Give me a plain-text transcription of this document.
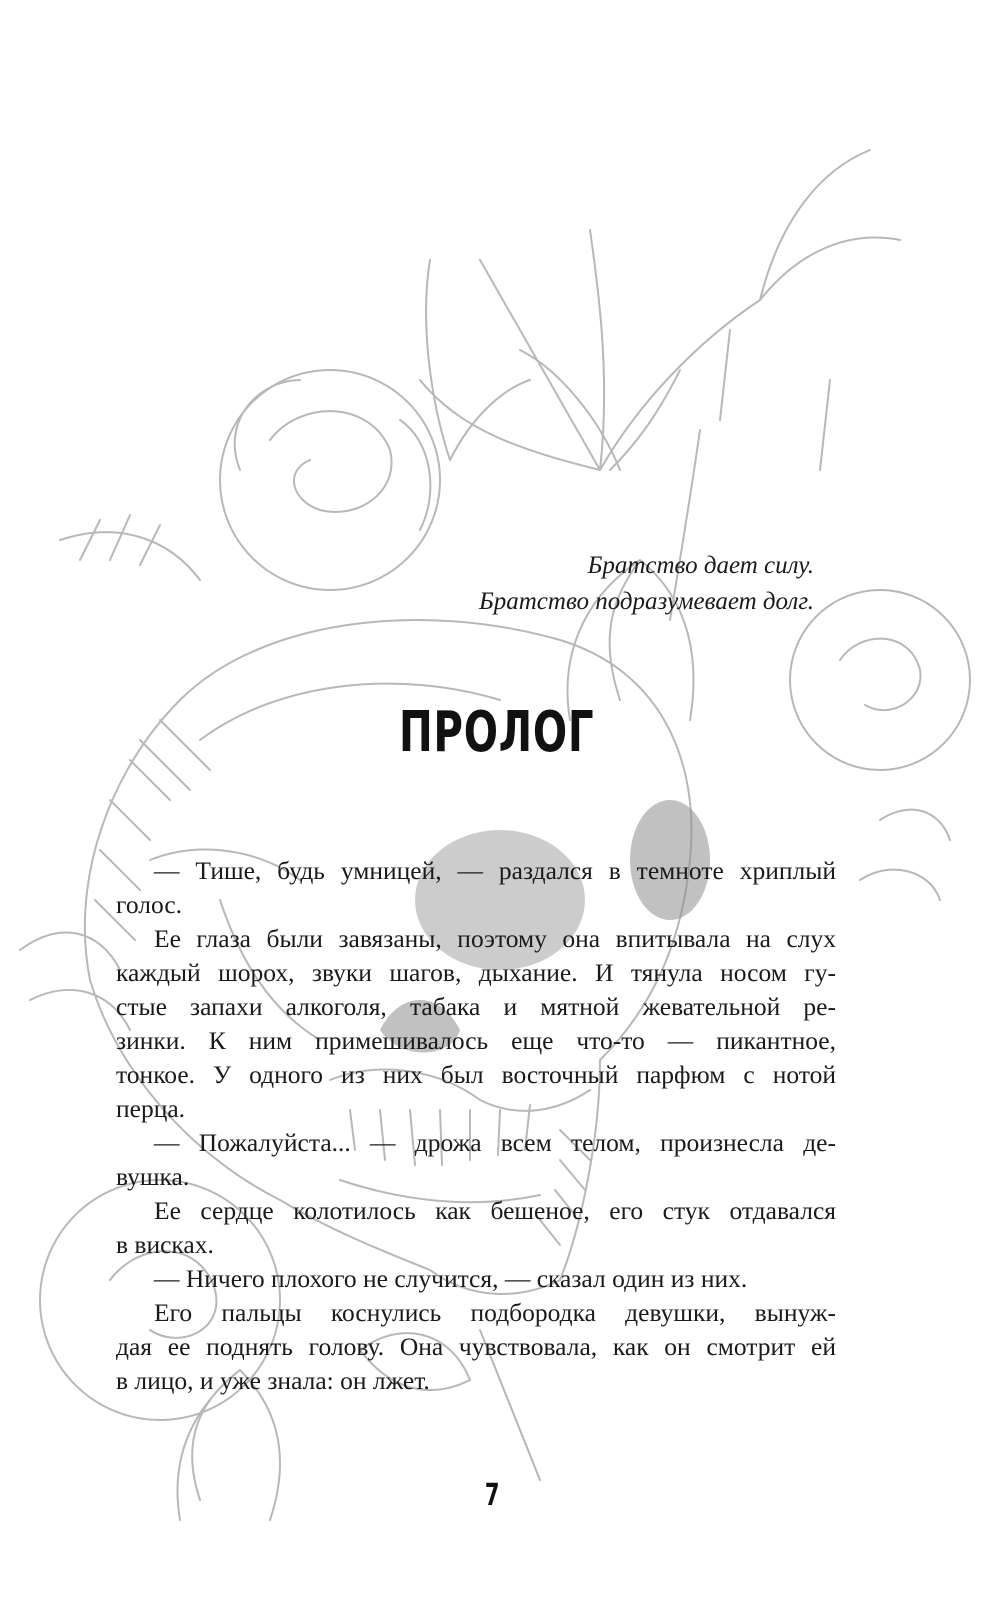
Братство дает силу.
Братство подразумевает долг.
ПРОЛОГ
— Тише, будь умницей, — раздался в темноте хриплый
голос.
Ее глаза были завязаны, поэтому она впитывала на слух
каждый шорох, звуки шагов, дыхание. И тянула носом гу-
стые запахи алкоголя, табака и мятной жевательной ре-
зинки. К ним примешивалось еще что-то — пикантное,
тонкое. У одного из них был восточный парфюм с нотой
перца.
— Пожалуйста... — дрожа всем телом, произнесла де-
вушка.
Ее сердце колотилось как бешеное, его стук отдавался
в висках.
— Ничего плохого не случится, — сказал один из них.
Его пальцы коснулись подбородка девушки, вынуж-
дая ее поднять голову. Она чувствовала, как он смотрит ей
в лицо, и уже знала: он лжет.
7
